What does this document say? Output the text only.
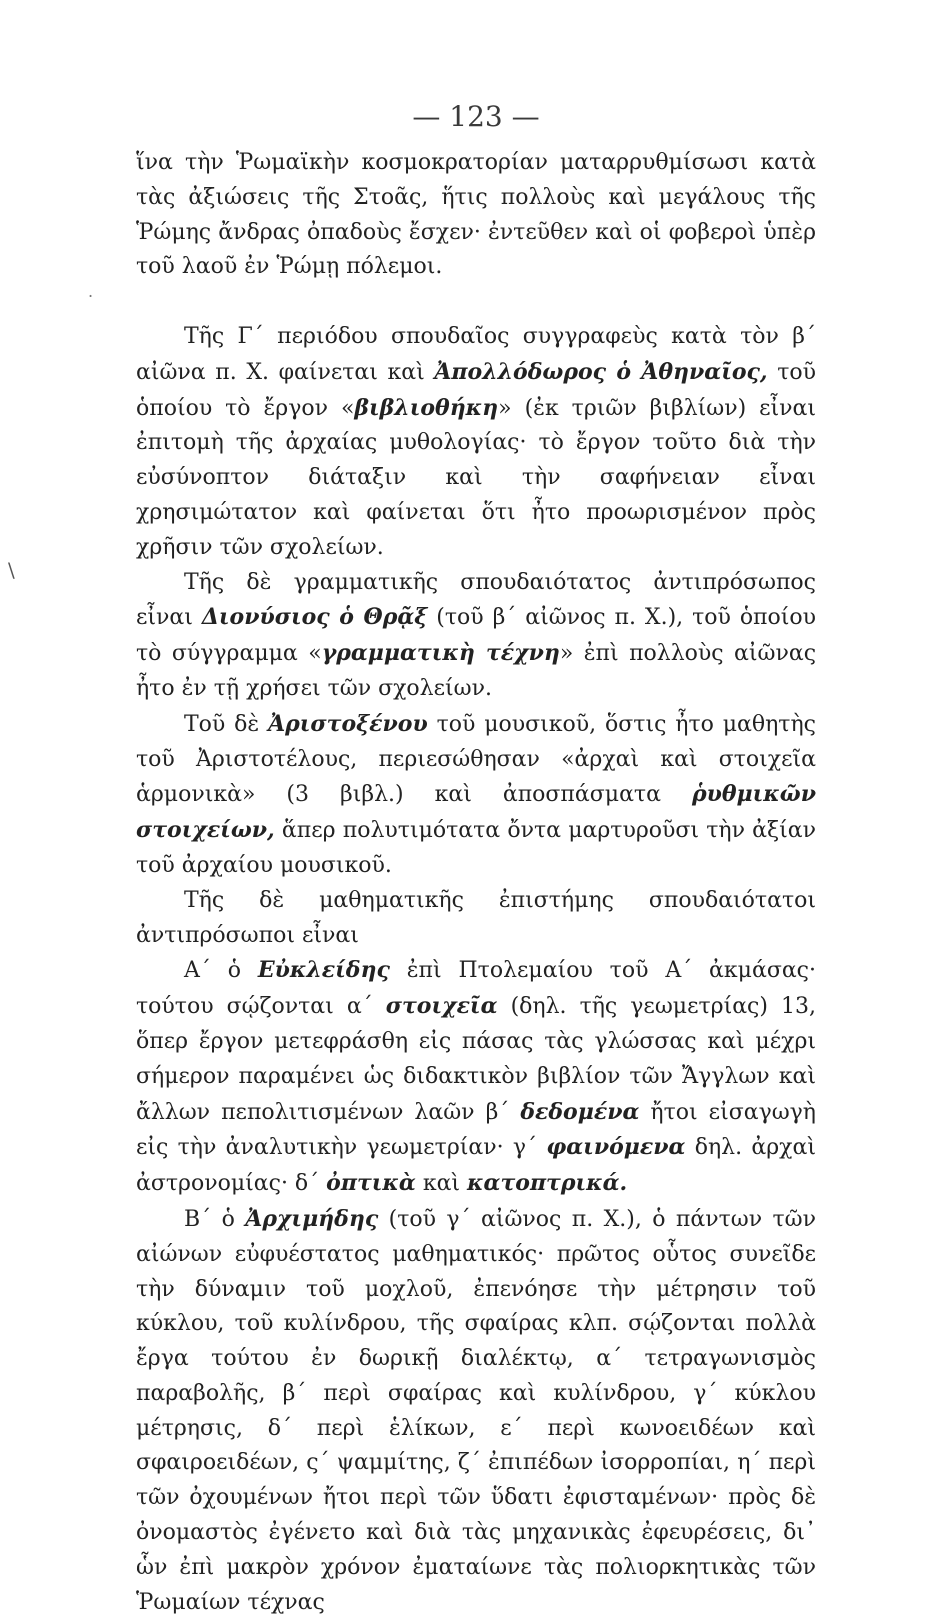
— 123 —
.
\

ἵνα τὴν Ῥωμαϊκὴν κοσμοκρατορίαν ματαρρυθμίσωσι κατὰ τὰς ἀξιώσεις τῆς Στοᾶς, ἥτις πολλοὺς καὶ μεγάλους τῆς Ῥώμης ἄνδρας ὀπαδοὺς ἔσχεν· ἐντεῦθεν καὶ οἱ φοβεροὶ ὑπὲρ τοῦ λαοῦ ἐν Ῥώμῃ πόλεμοι.

Τῆς Γ΄ περιόδου σπουδαῖος συγγραφεὺς κατὰ τὸν β΄ αἰῶνα π. Χ. φαίνεται καὶ Ἀπολλόδωρος ὁ Ἀθηναῖος, τοῦ ὁποίου τὸ ἔργον «βιβλιοθήκη» (ἐκ τριῶν βιβλίων) εἶναι ἐπιτομὴ τῆς ἀρχαίας μυθολογίας· τὸ ἔργον τοῦτο διὰ τὴν εὐσύνοπτον διάταξιν καὶ τὴν σαφήνειαν εἶναι χρησιμώτατον καὶ φαίνεται ὅτι ἦτο προωρισμένον πρὸς χρῆσιν τῶν σχολείων.

Τῆς δὲ γραμματικῆς σπουδαιότατος ἀντιπρόσωπος εἶναι Διονύσιος ὁ Θρᾷξ (τοῦ β΄ αἰῶνος π. Χ.), τοῦ ὁποίου τὸ σύγγραμμα «γραμματικὴ τέχνη» ἐπὶ πολλοὺς αἰῶνας ἦτο ἐν τῇ χρήσει τῶν σχολείων.

Τοῦ δὲ Ἀριστοξένου τοῦ μουσικοῦ, ὅστις ἦτο μαθητὴς τοῦ Ἀριστοτέλους, περιεσώθησαν «ἀρχαὶ καὶ στοιχεῖα ἁρμονικὰ» (3 βιβλ.) καὶ ἀποσπάσματα ῥυθμικῶν στοιχείων, ἅπερ πολυτιμότατα ὄντα μαρτυροῦσι τὴν ἀξίαν τοῦ ἀρχαίου μουσικοῦ.

Τῆς δὲ μαθηματικῆς ἐπιστήμης σπουδαιότατοι ἀντιπρόσωποι εἶναι

Α΄ ὁ Εὐκλείδης ἐπὶ Πτολεμαίου τοῦ Α΄ ἀκμάσας· τούτου σῴζονται α΄ στοιχεῖα (δηλ. τῆς γεωμετρίας) 13, ὅπερ ἔργον μετεφράσθη εἰς πάσας τὰς γλώσσας καὶ μέχρι σήμερον παραμένει ὡς διδακτικὸν βιβλίον τῶν Ἄγγλων καὶ ἄλλων πεπολιτισμένων λαῶν β΄ δεδομένα ἤτοι εἰσαγωγὴ εἰς τὴν ἀναλυτικὴν γεωμετρίαν· γ΄ φαινόμενα δηλ. ἀρχαὶ ἀστρονομίας· δ΄ ὀπτικὰ καὶ κατοπτρικά.

Β΄ ὁ Ἀρχιμήδης (τοῦ γ΄ αἰῶνος π. Χ.), ὁ πάντων τῶν αἰώνων εὐφυέστατος μαθηματικός· πρῶτος οὗτος συνεῖδε τὴν δύναμιν τοῦ μοχλοῦ, ἐπενόησε τὴν μέτρησιν τοῦ κύκλου, τοῦ κυλίνδρου, τῆς σφαίρας κλπ. σῴζονται πολλὰ ἔργα τούτου ἐν δωρικῇ διαλέκτῳ, α΄ τετραγωνισμὸς παραβολῆς, β΄ περὶ σφαίρας καὶ κυλίνδρου, γ΄ κύκλου μέτρησις, δ΄ περὶ ἑλίκων, ε΄ περὶ κωνοειδέων καὶ σφαιροειδέων, ς΄ ψαμμίτης, ζ΄ ἐπιπέδων ἰσορροπίαι, η΄ περὶ τῶν ὀχουμένων ἤτοι περὶ τῶν ὕδατι ἐφισταμένων· πρὸς δὲ ὀνομαστὸς ἐγένετο καὶ διὰ τὰς μηχανικὰς ἐφευρέσεις, δι᾽ ὧν ἐπὶ μακρὸν χρόνον ἐματαίωνε τὰς πολιορκητικὰς τῶν Ῥωμαίων τέχνας
